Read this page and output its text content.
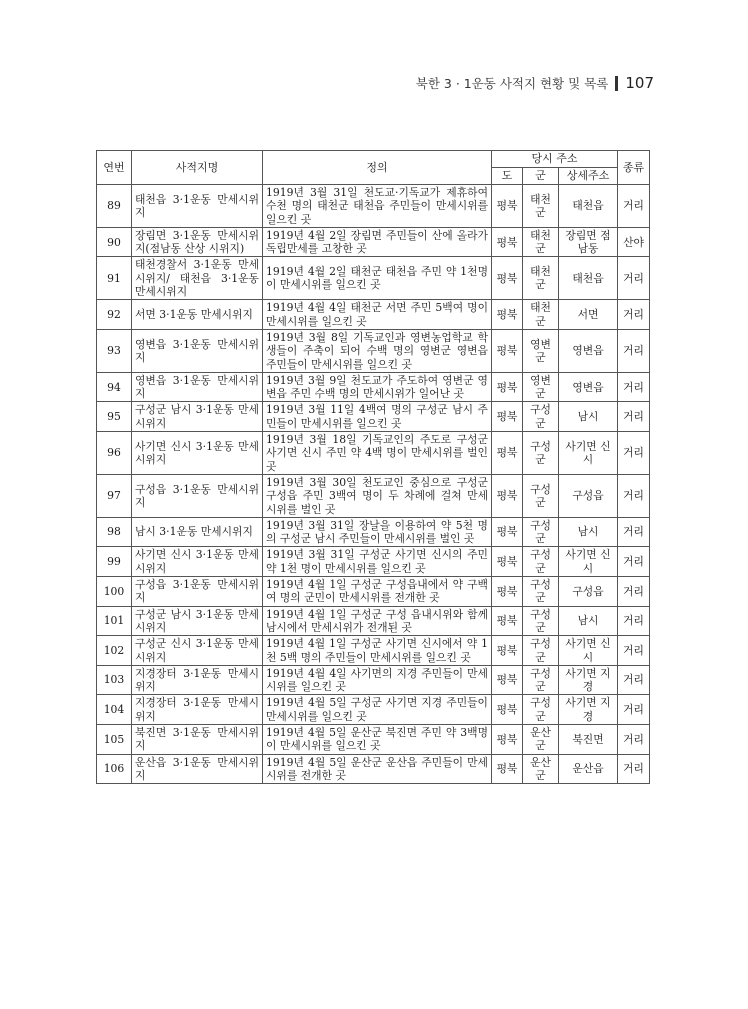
북한 3 · 1운동 사적지 현황 및 목록 107
연번	사적지명	정의	당시 주소			종류
			도	군	상세주소	
89	태천읍 3·1운동 만세시위지	1919년 3월 31일 천도교·기독교가 제휴하여 수천 명의 태천군 태천읍 주민들이 만세시위를 일으킨 곳	평북	태천군	태천읍	거리
90	장림면 3·1운동 만세시위지(점남동 산상 시위지)	1919년 4월 2일 장림면 주민들이 산에 올라가 독립만세를 고창한 곳	평북	태천군	장림면 점남동	산야
91	태천경찰서 3·1운동 만세시위지/ 태천읍 3·1운동 만세시위지	1919년 4월 2일 태천군 태천읍 주민 약 1천명이 만세시위를 일으킨 곳	평북	태천군	태천읍	거리
92	서면 3·1운동 만세시위지	1919년 4월 4일 태천군 서면 주민 5백여 명이 만세시위를 일으킨 곳	평북	태천군	서면	거리
93	영변읍 3·1운동 만세시위지	1919년 3월 8일 기독교인과 영변농업학교 학생들이 주축이 되어 수백 명의 영변군 영변읍 주민들이 만세시위를 일으킨 곳	평북	영변군	영변읍	거리
94	영변읍 3·1운동 만세시위지	1919년 3월 9일 천도교가 주도하여 영변군 영변읍 주민 수백 명의 만세시위가 일어난 곳	평북	영변군	영변읍	거리
95	구성군 남시 3·1운동 만세시위지	1919년 3월 11일 4백여 명의 구성군 남시 주민들이 만세시위를 일으킨 곳	평북	구성군	남시	거리
96	사기면 신시 3·1운동 만세시위지	1919년 3월 18일 기독교인의 주도로 구성군 사기면 신시 주민 약 4백 명이 만세시위를 벌인 곳	평북	구성군	사기면 신시	거리
97	구성읍 3·1운동 만세시위지	1919년 3월 30일 천도교인 중심으로 구성군 구성읍 주민 3백여 명이 두 차례에 걸쳐 만세 시위를 벌인 곳	평북	구성군	구성읍	거리
98	남시 3·1운동 만세시위지	1919년 3월 31일 장날을 이용하여 약 5천 명의 구성군 남시 주민들이 만세시위를 벌인 곳	평북	구성군	남시	거리
99	사기면 신시 3·1운동 만세시위지	1919년 3월 31일 구성군 사기면 신시의 주민 약 1천 명이 만세시위를 일으킨 곳	평북	구성군	사기면 신시	거리
100	구성읍 3·1운동 만세시위지	1919년 4월 1일 구성군 구성읍내에서 약 구백여 명의 군민이 만세시위를 전개한 곳	평북	구성군	구성읍	거리
101	구성군 남시 3·1운동 만세시위지	1919년 4월 1일 구성군 구성 읍내시위와 함께 남시에서 만세시위가 전개된 곳	평북	구성군	남시	거리
102	구성군 신시 3·1운동 만세시위지	1919년 4월 1일 구성군 사기면 신시에서 약 1천 5백 명의 주민들이 만세시위를 일으킨 곳	평북	구성군	사기면 신시	거리
103	지경장터 3·1운동 만세시위지	1919년 4월 4일 사기면의 지경 주민들이 만세시위를 일으킨 곳	평북	구성군	사기면 지경	거리
104	지경장터 3·1운동 만세시위지	1919년 4월 5일 구성군 사기면 지경 주민들이 만세시위를 일으킨 곳	평북	구성군	사기면 지경	거리
105	북진면 3·1운동 만세시위지	1919년 4월 5일 운산군 북진면 주민 약 3백명이 만세시위를 일으킨 곳	평북	운산군	북진면	거리
106	운산읍 3·1운동 만세시위지	1919년 4월 5일 운산군 운산읍 주민들이 만세시위를 전개한 곳	평북	운산군	운산읍	거리
